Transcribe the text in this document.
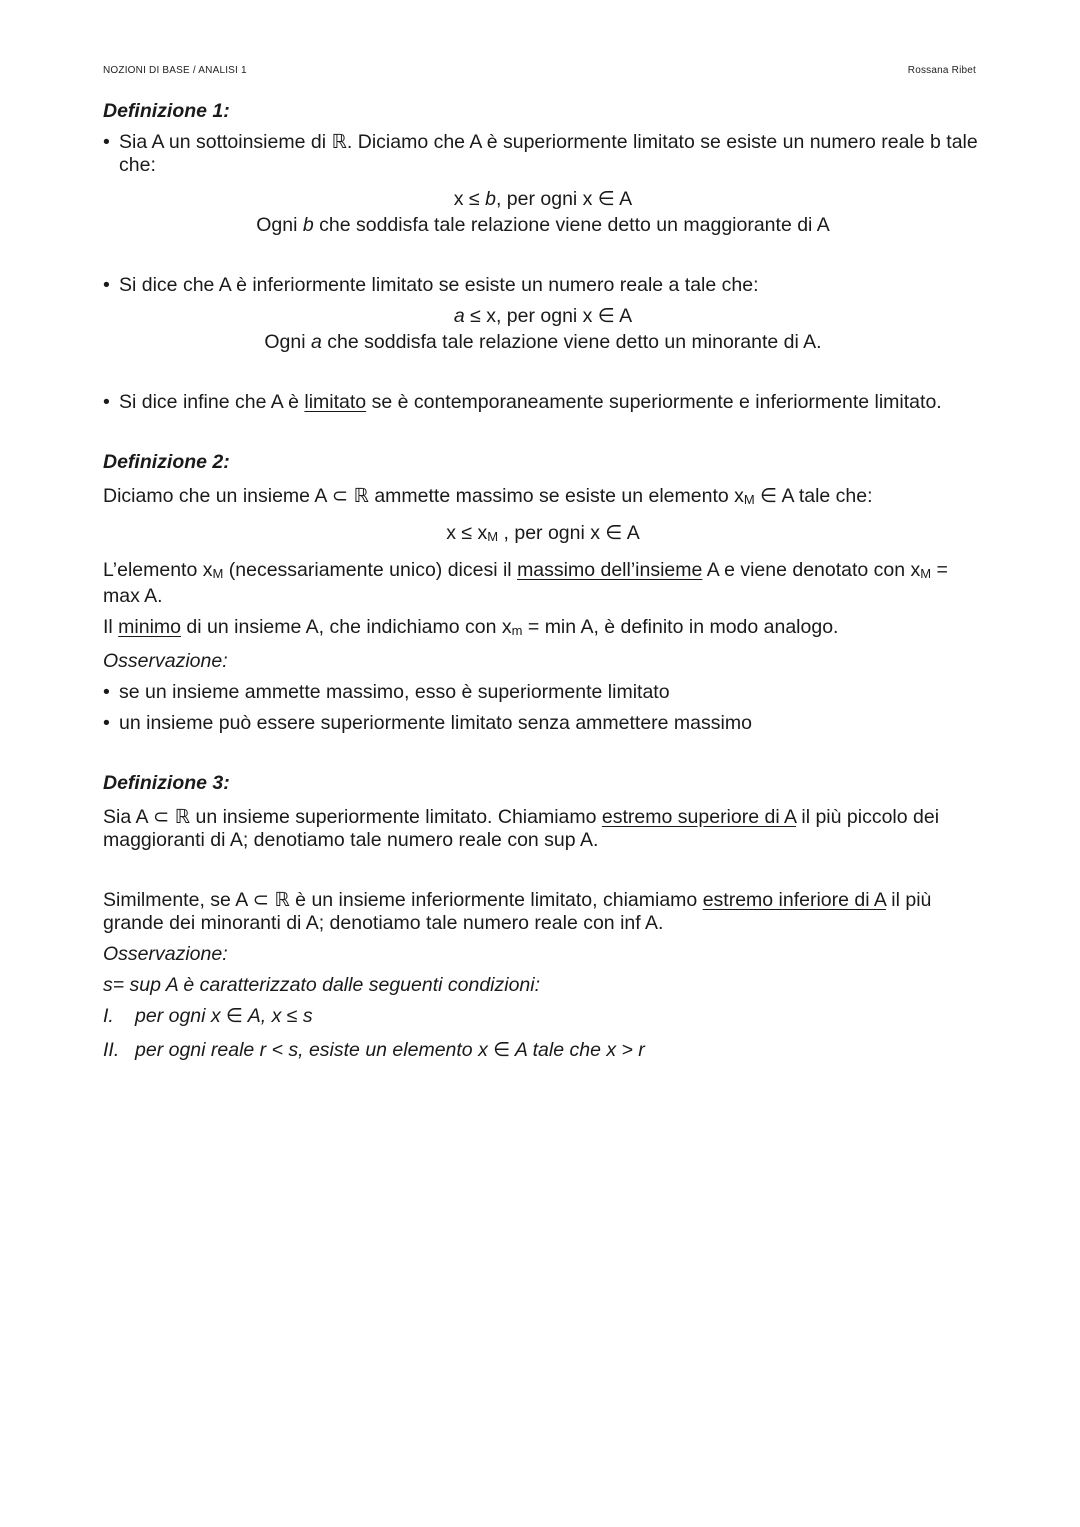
NOZIONI DI BASE / ANALISI 1	Rossana Ribet

Definizione 1:

• Sia A un sottoinsieme di ℝ. Diciamo che A è superiormente limitato se esiste un numero reale b tale che:

x ≤ b, per ogni x ∈ A

Ogni b che soddisfa tale relazione viene detto un maggiorante di A

• Si dice che A è inferiormente limitato se esiste un numero reale a tale che:

a ≤ x, per ogni x ∈ A

Ogni a che soddisfa tale relazione viene detto un minorante di A.

• Si dice infine che A è limitato se è contemporaneamente superiormente e inferiormente limitato.

Definizione 2:

Diciamo che un insieme A ⊂ ℝ ammette massimo se esiste un elemento xM ∈ A tale che:

x ≤ xM , per ogni x ∈ A

L’elemento xM (necessariamente unico) dicesi il massimo dell’insieme A e viene denotato con xM = max A.

Il minimo di un insieme A, che indichiamo con xm = min A, è definito in modo analogo.

Osservazione:

• se un insieme ammette massimo, esso è superiormente limitato

• un insieme può essere superiormente limitato senza ammettere massimo

Definizione 3:

Sia A ⊂ ℝ un insieme superiormente limitato. Chiamiamo estremo superiore di A il più piccolo dei maggioranti di A; denotiamo tale numero reale con sup A.

Similmente, se A ⊂ ℝ è un insieme inferiormente limitato, chiamiamo estremo inferiore di A il più grande dei minoranti di A; denotiamo tale numero reale con inf A.

Osservazione:

s= sup A è caratterizzato dalle seguenti condizioni:

I. per ogni x ∈ A, x ≤ s

II. per ogni reale r < s, esiste un elemento x ∈ A tale che x > r
